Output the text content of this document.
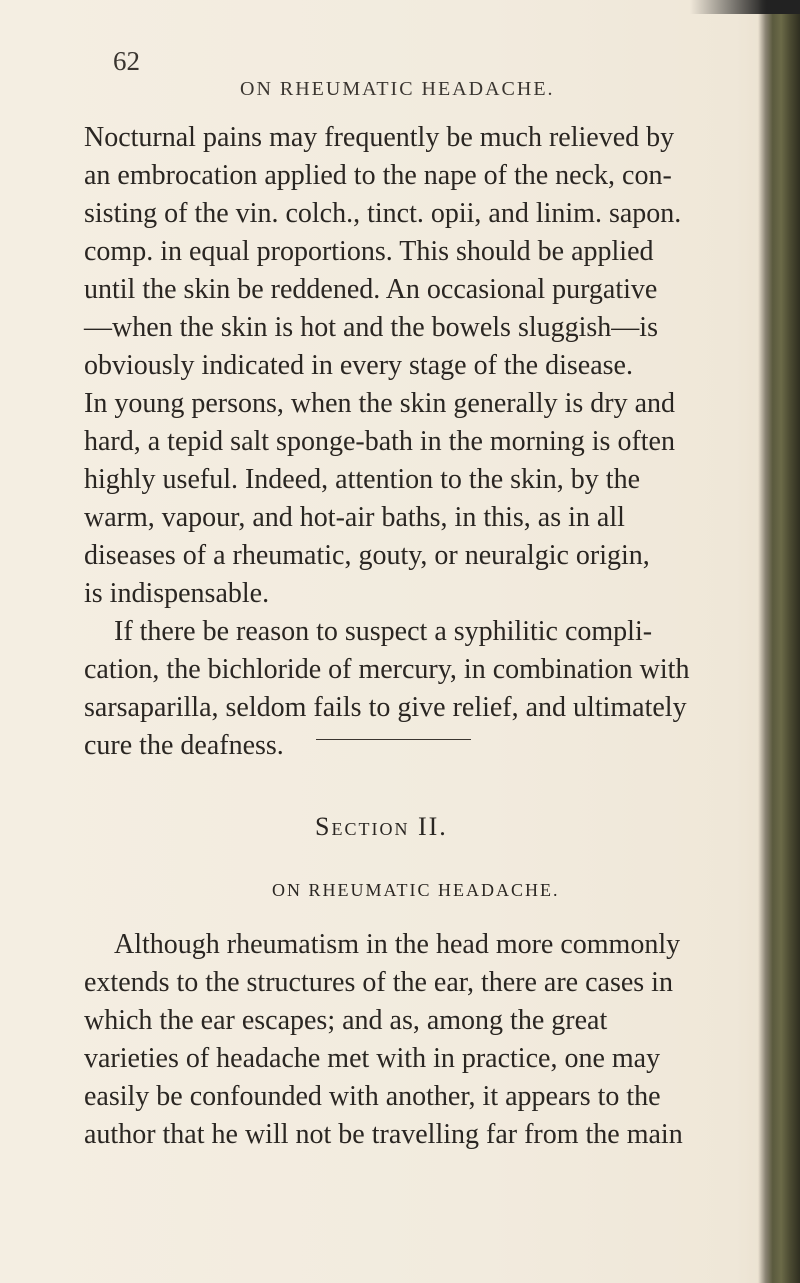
62
ON RHEUMATIC HEADACHE.
Nocturnal pains may frequently be much relieved by
an embrocation applied to the nape of the neck, con-
sisting of the vin. colch., tinct. opii, and linim. sapon.
comp. in equal proportions. This should be applied
until the skin be reddened. An occasional purgative
—when the skin is hot and the bowels sluggish—is
obviously indicated in every stage of the disease.
In young persons, when the skin generally is dry and
hard, a tepid salt sponge-bath in the morning is often
highly useful. Indeed, attention to the skin, by the
warm, vapour, and hot-air baths, in this, as in all
diseases of a rheumatic, gouty, or neuralgic origin,
is indispensable.
If there be reason to suspect a syphilitic compli-
cation, the bichloride of mercury, in combination with
sarsaparilla, seldom fails to give relief, and ultimately
cure the deafness.
Section II.
ON RHEUMATIC HEADACHE.
Although rheumatism in the head more commonly
extends to the structures of the ear, there are cases in
which the ear escapes; and as, among the great
varieties of headache met with in practice, one may
easily be confounded with another, it appears to the
author that he will not be travelling far from the main
